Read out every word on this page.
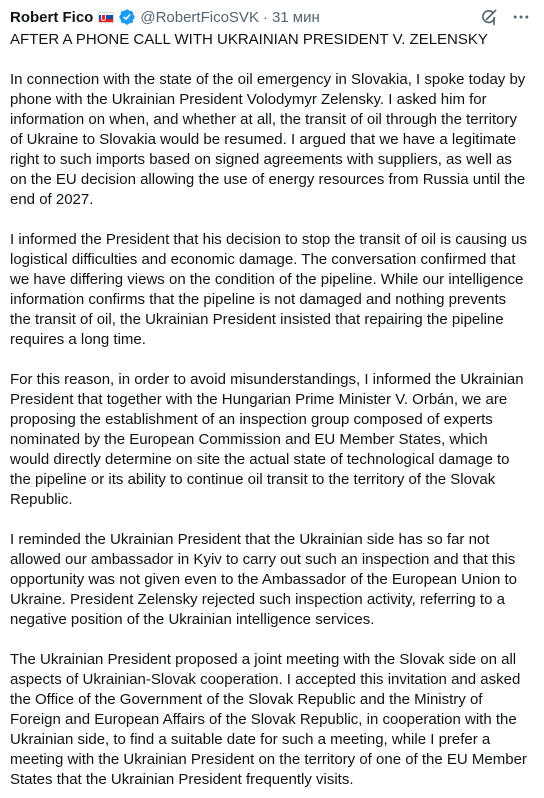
Robert Fico	@RobertFicoSVK · 31 мин

AFTER A PHONE CALL WITH UKRAINIAN PRESIDENT V. ZELENSKY

In connection with the state of the oil emergency in Slovakia, I spoke today by phone with the Ukrainian President Volodymyr Zelensky. I asked him for information on when, and whether at all, the transit of oil through the territory of Ukraine to Slovakia would be resumed. I argued that we have a legitimate right to such imports based on signed agreements with suppliers, as well as on the EU decision allowing the use of energy resources from Russia until the end of 2027.

I informed the President that his decision to stop the transit of oil is causing us logistical difficulties and economic damage. The conversation confirmed that we have differing views on the condition of the pipeline. While our intelligence information confirms that the pipeline is not damaged and nothing prevents the transit of oil, the Ukrainian President insisted that repairing the pipeline requires a long time.

For this reason, in order to avoid misunderstandings, I informed the Ukrainian President that together with the Hungarian Prime Minister V. Orbán, we are proposing the establishment of an inspection group composed of experts nominated by the European Commission and EU Member States, which would directly determine on site the actual state of technological damage to the pipeline or its ability to continue oil transit to the territory of the Slovak Republic.

I reminded the Ukrainian President that the Ukrainian side has so far not allowed our ambassador in Kyiv to carry out such an inspection and that this opportunity was not given even to the Ambassador of the European Union to Ukraine. President Zelensky rejected such inspection activity, referring to a negative position of the Ukrainian intelligence services.

The Ukrainian President proposed a joint meeting with the Slovak side on all aspects of Ukrainian-Slovak cooperation. I accepted this invitation and asked the Office of the Government of the Slovak Republic and the Ministry of Foreign and European Affairs of the Slovak Republic, in cooperation with the Ukrainian side, to find a suitable date for such a meeting, while I prefer a meeting with the Ukrainian President on the territory of one of the EU Member States that the Ukrainian President frequently visits.
